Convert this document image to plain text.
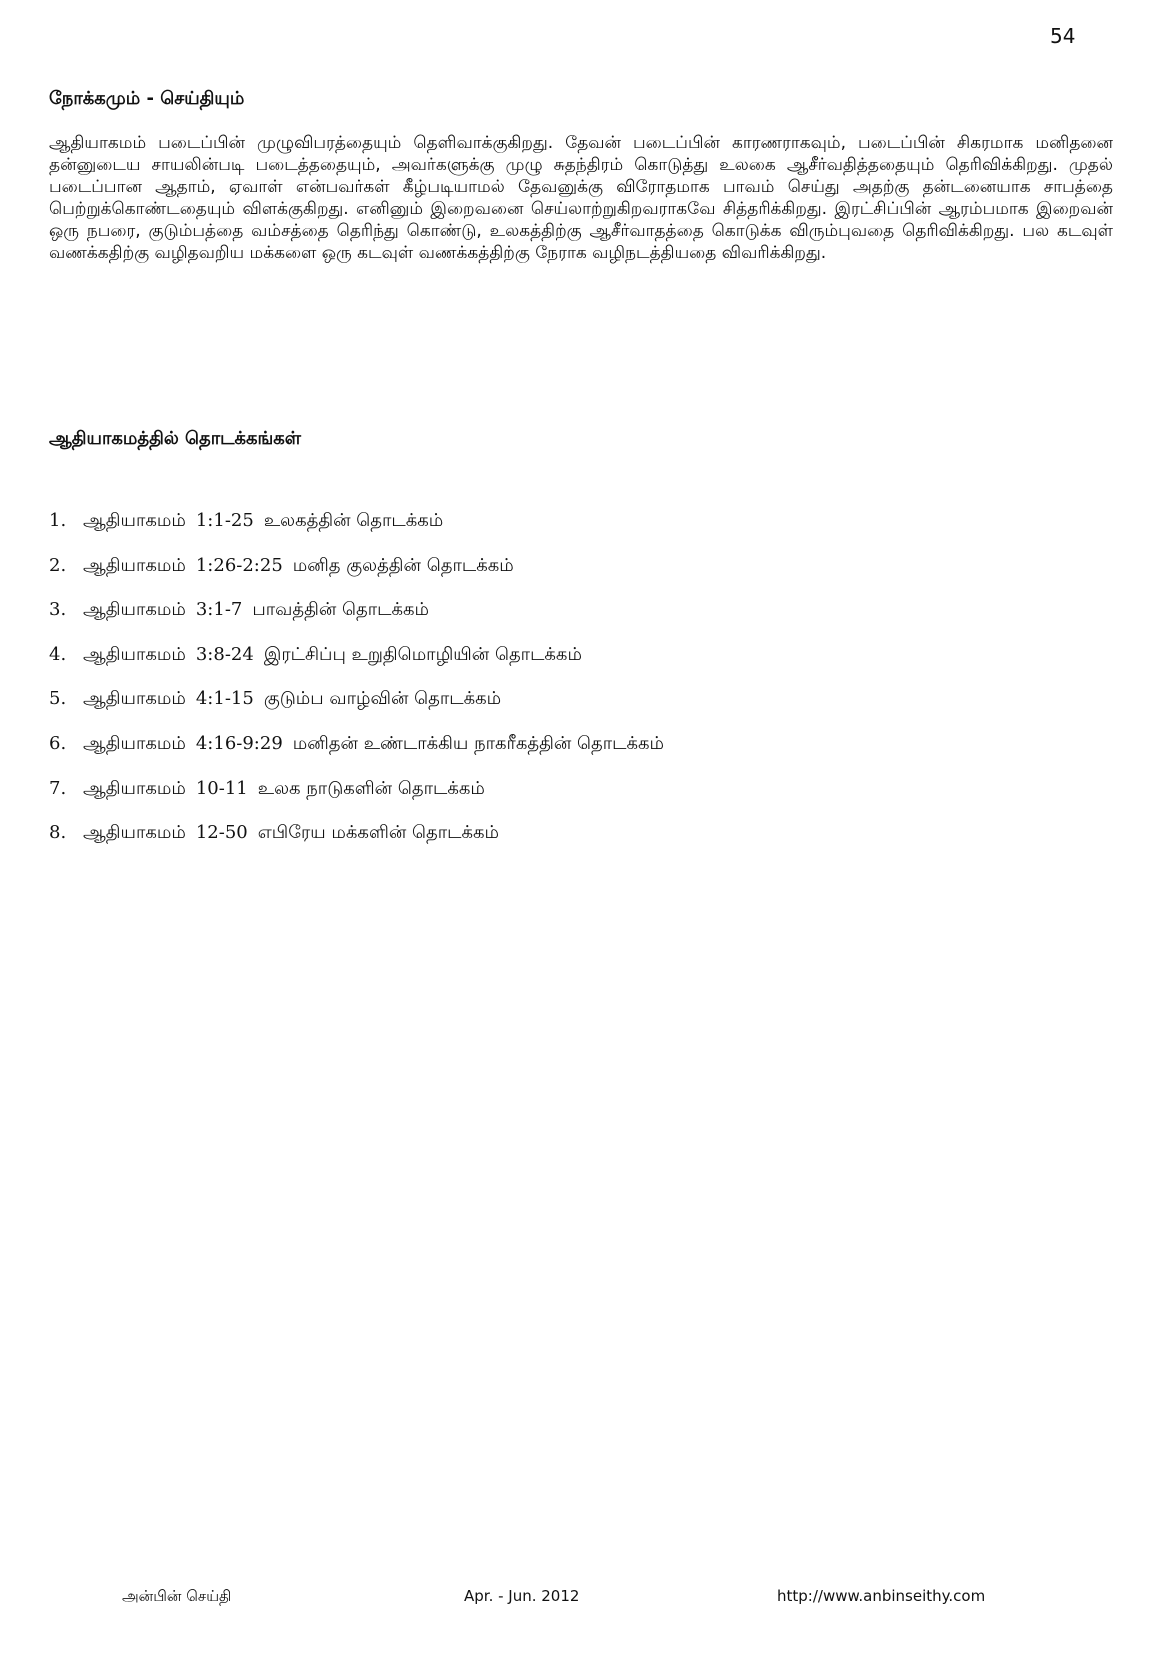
54
நோக்கமும் - செய்தியும்

ஆதியாகமம் படைப்பின் முழுவிபரத்தையும் தெளிவாக்குகிறது. தேவன் படைப்பின் காரணராகவும், படைப்பின் சிகரமாக மனிதனை தன்னுடைய சாயலின்படி படைத்ததையும், அவர்களுக்கு முழு சுதந்திரம் கொடுத்து உலகை ஆசீர்வதித்ததையும் தெரிவிக்கிறது. முதல் படைப்பான ஆதாம், ஏவாள் என்பவர்கள் கீழ்படியாமல் தேவனுக்கு விரோதமாக பாவம் செய்து அதற்கு தன்டனையாக சாபத்தை பெற்றுக்கொண்டதையும் விளக்குகிறது. எனினும் இறைவனை செய்லாற்றுகிறவராகவே சித்தரிக்கிறது. இரட்சிப்பின் ஆரம்பமாக இறைவன் ஒரு நபரை, குடும்பத்தை வம்சத்தை தெரிந்து கொண்டு, உலகத்திற்கு ஆசீர்வாதத்தை கொடுக்க விரும்புவதை தெரிவிக்கிறது. பல கடவுள் வணக்கதிற்கு வழிதவறிய மக்களை ஒரு கடவுள் வணக்கத்திற்கு நேராக வழிநடத்தியதை விவரிக்கிறது.

ஆதியாகமத்தில் தொடக்கங்கள்
1. ஆதியாகமம் 1:1-25 உலகத்தின் தொடக்கம்
2. ஆதியாகமம் 1:26-2:25 மனித குலத்தின் தொடக்கம்
3. ஆதியாகமம் 3:1-7 பாவத்தின் தொடக்கம்
4. ஆதியாகமம் 3:8-24 இரட்சிப்பு உறுதிமொழியின் தொடக்கம்
5. ஆதியாகமம் 4:1-15 குடும்ப வாழ்வின் தொடக்கம்
6. ஆதியாகமம் 4:16-9:29 மனிதன் உண்டாக்கிய நாகரீகத்தின் தொடக்கம்
7. ஆதியாகமம் 10-11 உலக நாடுகளின் தொடக்கம்
8. ஆதியாகமம் 12-50 எபிரேய மக்களின் தொடக்கம்
அன்பின் செய்தி	Apr. - Jun. 2012	http://www.anbinseithy.com
